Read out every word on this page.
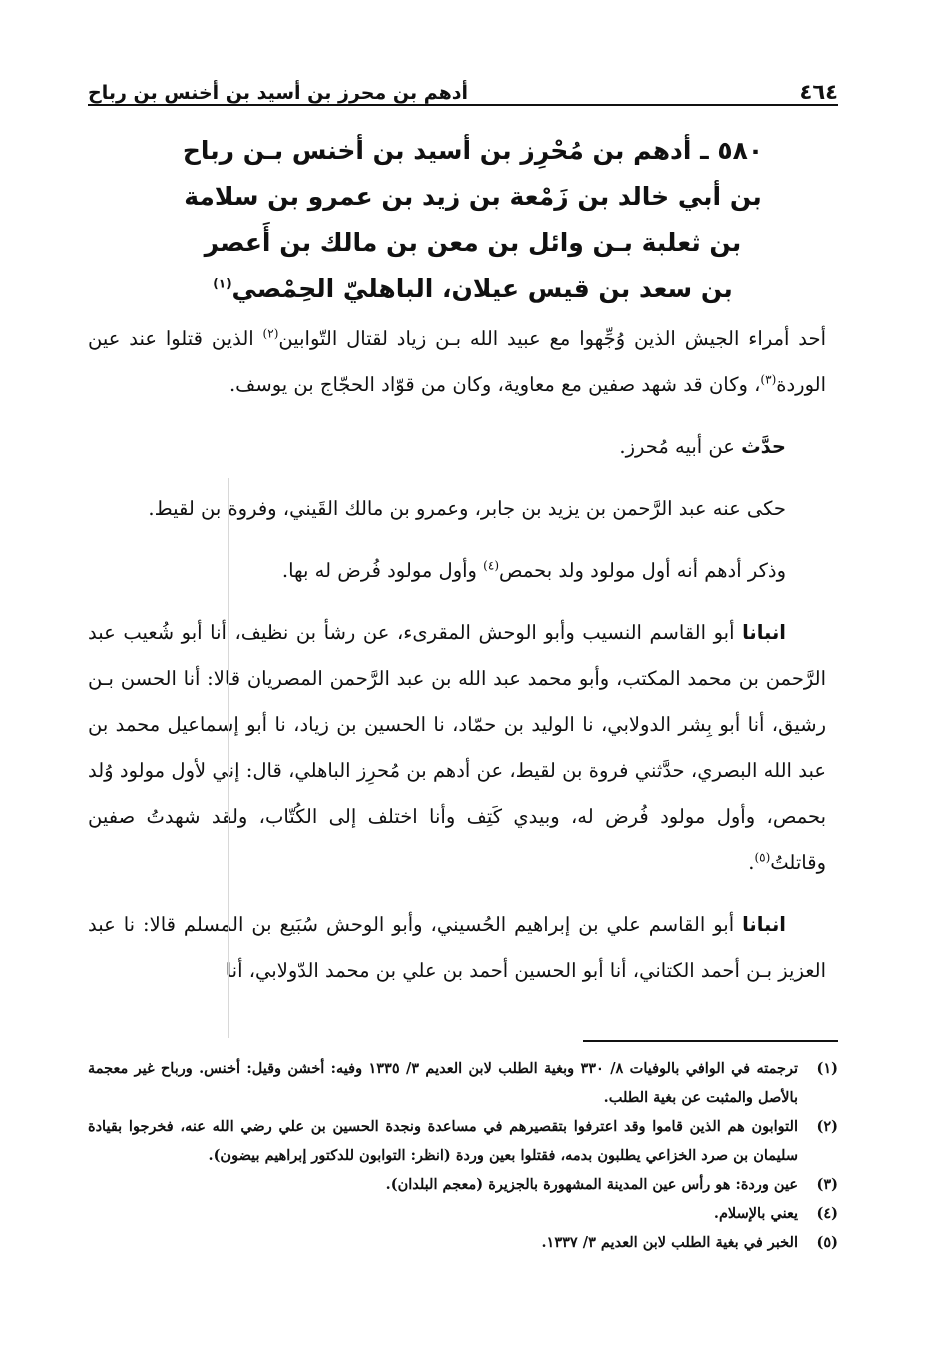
٤٦٤
أدهم بن محرز بن أسيد بن أخنس بن رباح
٥٨٠ ـ أدهم بن مُحْرِز بن أسيد بن أخنس بـن رباح
بن أبي خالد بن زَمْعة بن زيد بن عمرو بن سلامة
بن ثعلبة بـن وائل بن معن بن مالك بن أَعصر
بن سعد بن قيس عيلان، الباهليّ الحِمْصي$^{(١)}$

أحد أمراء الجيش الذين وُجِّهوا مع عبيد الله بـن زياد لقتال التّوابين$^{(٢)}$ الذين قتلوا عند عين الوردة$^{(٣)}$، وكان قد شهد صفين مع معاوية، وكان من قوّاد الحجّاج بن يوسف.

حدَّث عن أبيه مُحرز.

حكى عنه عبد الرَّحمن بن يزيد بن جابر، وعمرو بن مالك القَيني، وفروة بن لقيط.

وذكر أدهم أنه أول مولود ولد بحمص$^{(٤)}$ وأول مولود فُرض له بها.

انبانا أبو القاسم النسيب وأبو الوحش المقرىء، عن رشأ بن نظيف، أنا أبو شُعيب عبد الرَّحمن بن محمد المكتب، وأبو محمد عبد الله بن عبد الرَّحمن المصريان قالا: أنا الحسن بـن رشيق، أنا أبو بِشر الدولابي، نا الوليد بن حمّاد، نا الحسين بن زياد، نا أبو إسماعيل محمد بن عبد الله البصري، حدَّثني فروة بن لقيط، عن أدهم بن مُحرِز الباهلي، قال: إني لأول مولود وُلد بحمص، وأول مولود فُرض له، وبيدي كَتِف وأنا اختلف إلى الكُتّاب، ولقد شهدتُ صفين وقاتلتُ$^{(٥)}$.

انبانا أبو القاسم علي بن إبراهيم الحُسيني، وأبو الوحش سُبَيع بن المسلم قالا: نا عبد العزيز بـن أحمد الكتاني، أنا أبو الحسين أحمد بن علي بن محمد الدّولابي، أنا

(١)
ترجمته في الوافي بالوفيات ٨/ ٣٣٠ وبغية الطلب لابن العديم ٣/ ١٣٣٥ وفيه: أخشن وقيل: أخنس. ورباح غير معجمة بالأصل والمثبت عن بغية الطلب.
(٢)
التوابون هم الذين قاموا وقد اعترفوا بتقصيرهم في مساعدة ونجدة الحسين بن علي رضي الله عنه، فخرجوا بقيادة سليمان بن صرد الخزاعي يطلبون بدمه، فقتلوا بعين وردة (انظر: التوابون للدكتور إبراهيم بيضون).
(٣)
عين وردة: هو رأس عين المدينة المشهورة بالجزيرة (معجم البلدان).
(٤)
يعني بالإسلام.
(٥)
الخبر في بغية الطلب لابن العديم ٣/ ١٣٣٧.
